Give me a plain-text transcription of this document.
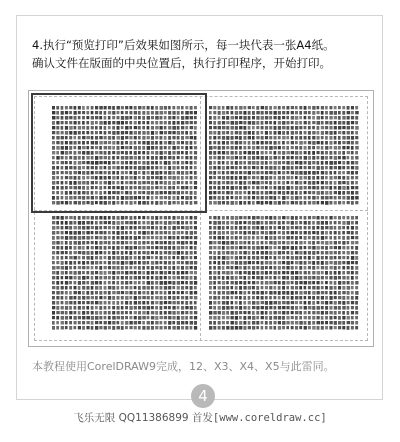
4.执行“预览打印”后效果如图所示，每一块代表一张A4纸。
确认文件在版面的中央位置后，执行打印程序，开始打印。

本教程使用CorelDRAW9完成，12、X3、X4、X5与此雷同。

4
飞乐无限 QQ11386899 首发[www.coreldraw.cc]
